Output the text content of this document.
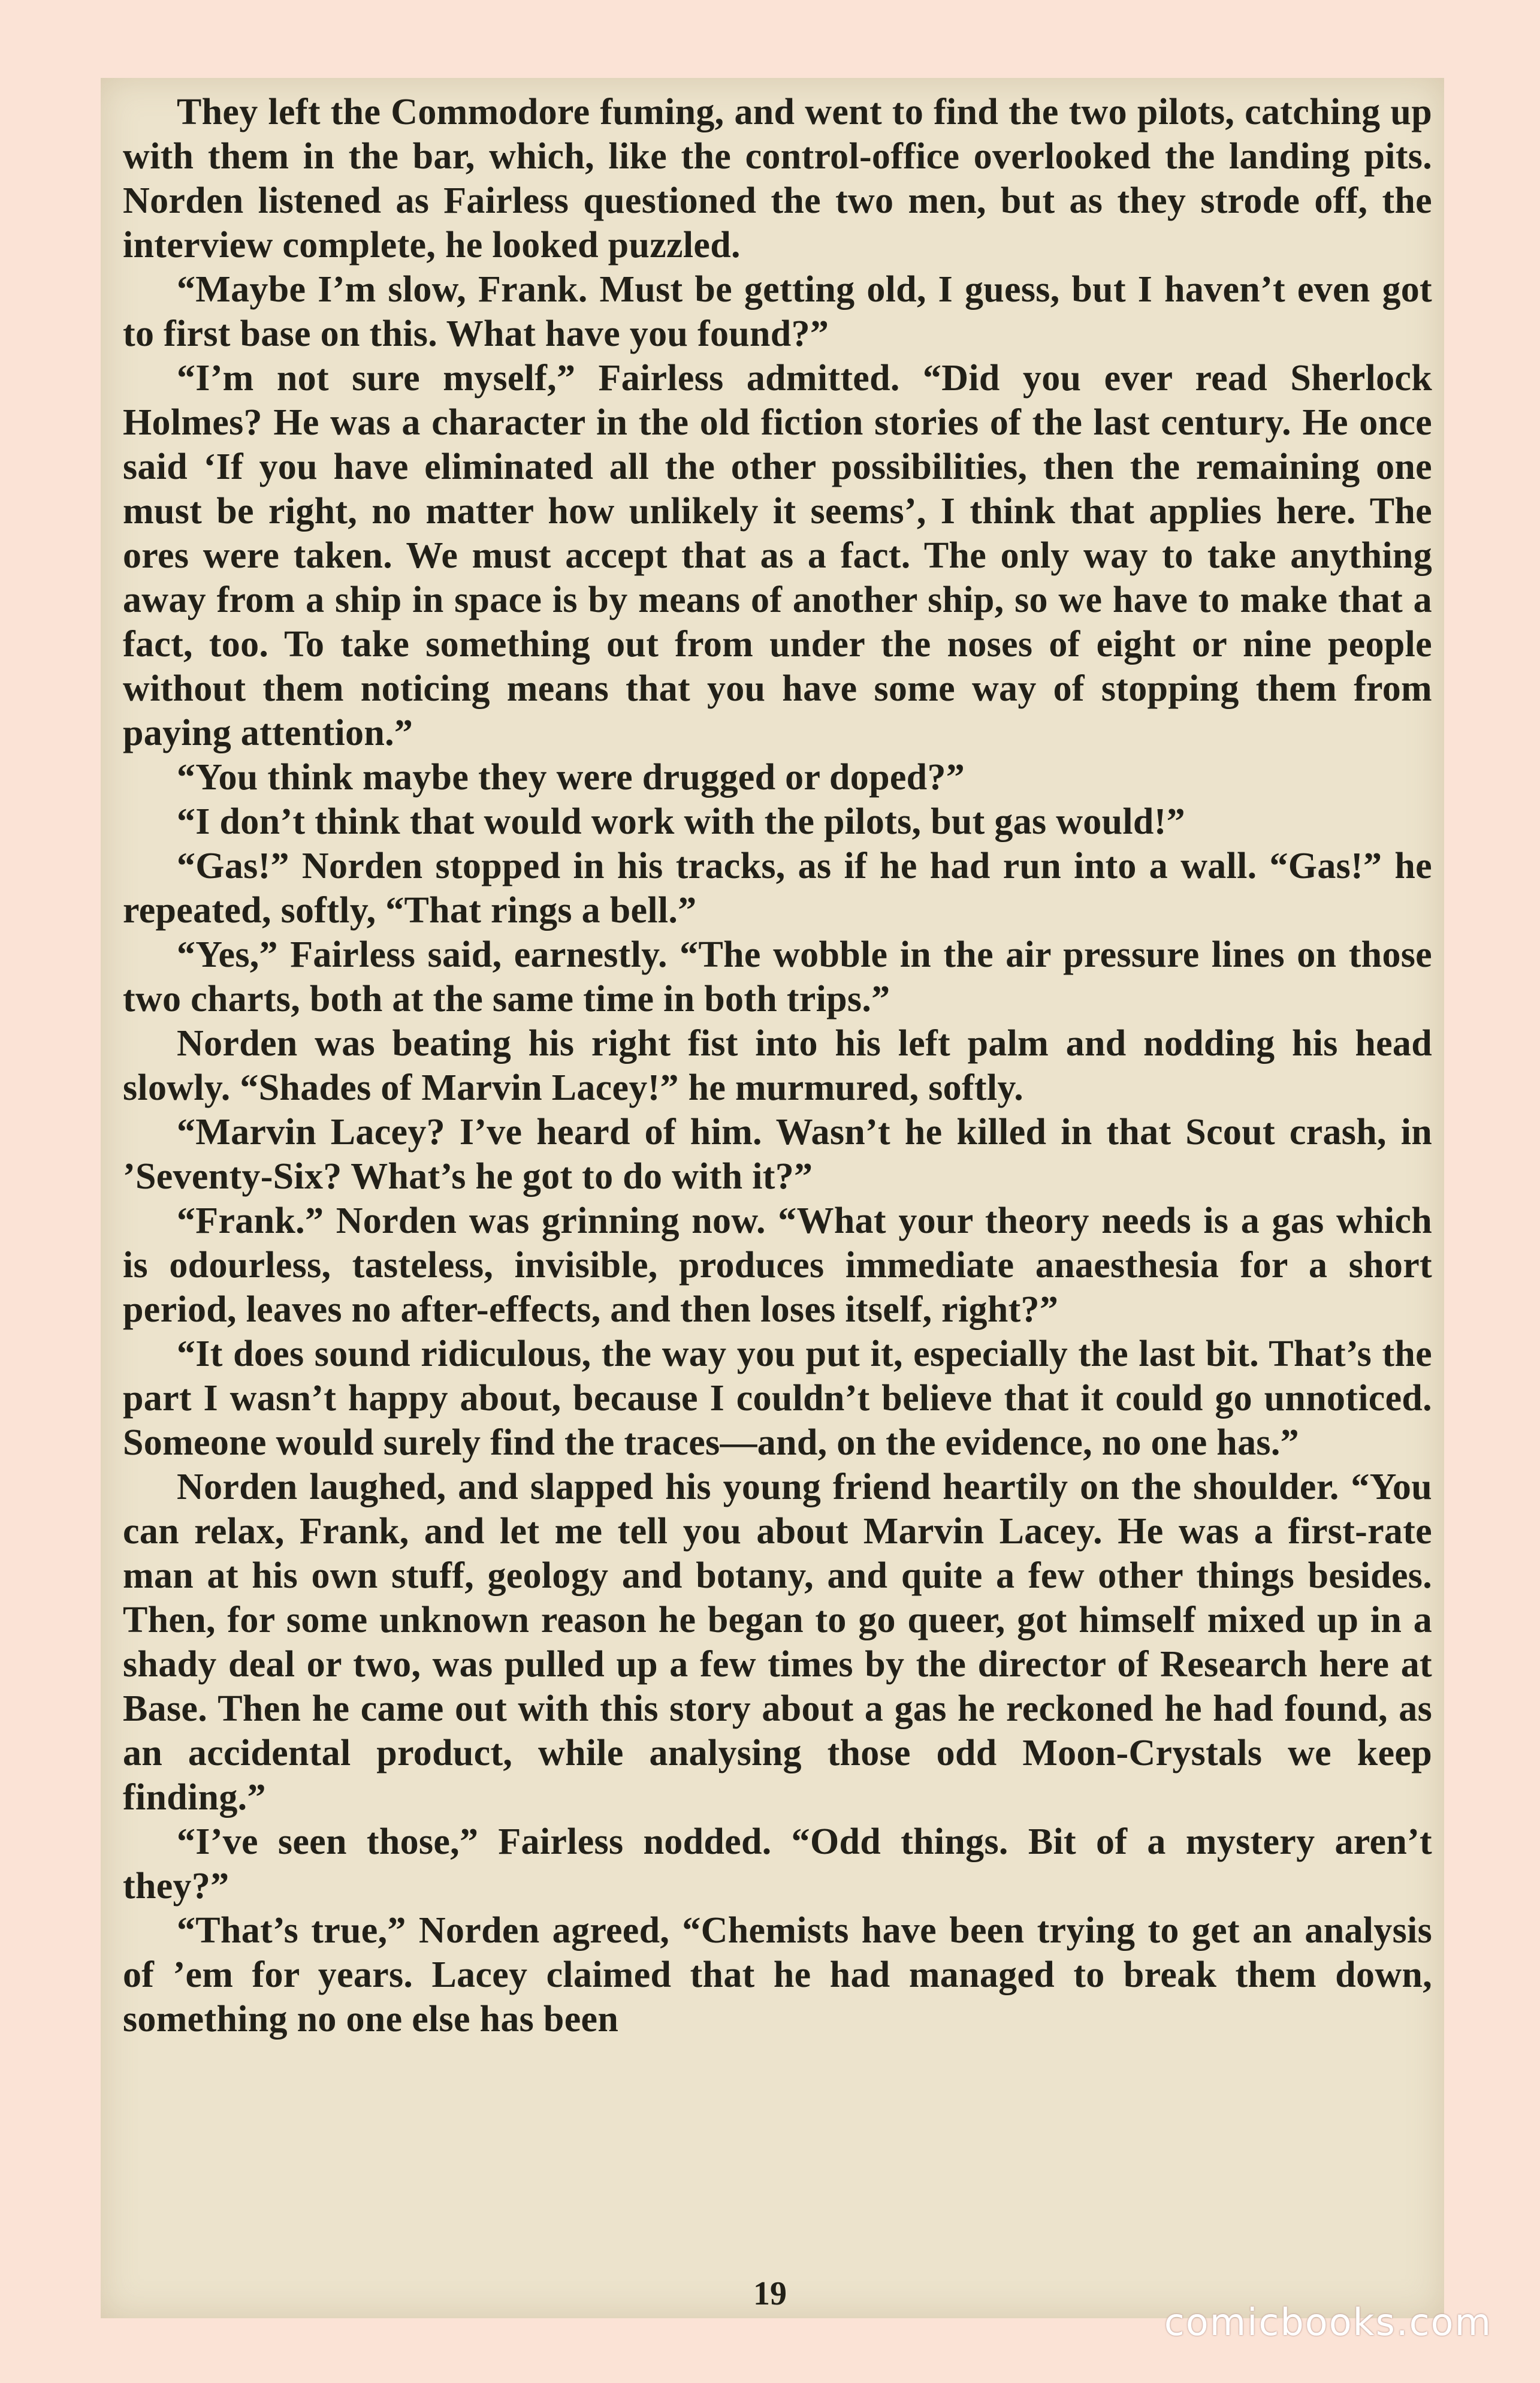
They left the Commodore fuming, and went to find the two pilots, catching up with them in the bar, which, like the control-office overlooked the landing pits. Norden listened as Fairless questioned the two men, but as they strode off, the interview complete, he looked puzzled.

“Maybe I’m slow, Frank. Must be getting old, I guess, but I haven’t even got to first base on this. What have you found?”

“I’m not sure myself,” Fairless admitted. “Did you ever read Sherlock Holmes? He was a character in the old fiction stories of the last century. He once said ‘If you have eliminated all the other possibilities, then the remaining one must be right, no matter how unlikely it seems’, I think that applies here. The ores were taken. We must accept that as a fact. The only way to take anything away from a ship in space is by means of another ship, so we have to make that a fact, too. To take something out from under the noses of eight or nine people without them noticing means that you have some way of stopping them from paying attention.”

“You think maybe they were drugged or doped?”

“I don’t think that would work with the pilots, but gas would!”

“Gas!” Norden stopped in his tracks, as if he had run into a wall. “Gas!” he repeated, softly, “That rings a bell.”

“Yes,” Fairless said, earnestly. “The wobble in the air pressure lines on those two charts, both at the same time in both trips.”

Norden was beating his right fist into his left palm and nodding his head slowly. “Shades of Marvin Lacey!” he murmured, softly.

“Marvin Lacey? I’ve heard of him. Wasn’t he killed in that Scout crash, in ’Seventy-Six? What’s he got to do with it?”

“Frank.” Norden was grinning now. “What your theory needs is a gas which is odourless, tasteless, invisible, produces immediate anaesthesia for a short period, leaves no after-effects, and then loses itself, right?”

“It does sound ridiculous, the way you put it, especially the last bit. That’s the part I wasn’t happy about, because I couldn’t believe that it could go unnoticed. Someone would surely find the traces—and, on the evidence, no one has.”

Norden laughed, and slapped his young friend heartily on the shoulder. “You can relax, Frank, and let me tell you about Marvin Lacey. He was a first-rate man at his own stuff, geology and botany, and quite a few other things besides. Then, for some unknown reason he began to go queer, got himself mixed up in a shady deal or two, was pulled up a few times by the director of Research here at Base. Then he came out with this story about a gas he reckoned he had found, as an accidental product, while analysing those odd Moon-Crystals we keep finding.”

“I’ve seen those,” Fairless nodded. “Odd things. Bit of a mystery aren’t they?”

“That’s true,” Norden agreed, “Chemists have been trying to get an analysis of ’em for years. Lacey claimed that he had managed to break them down, something no one else has been

19
comicbooks.com
